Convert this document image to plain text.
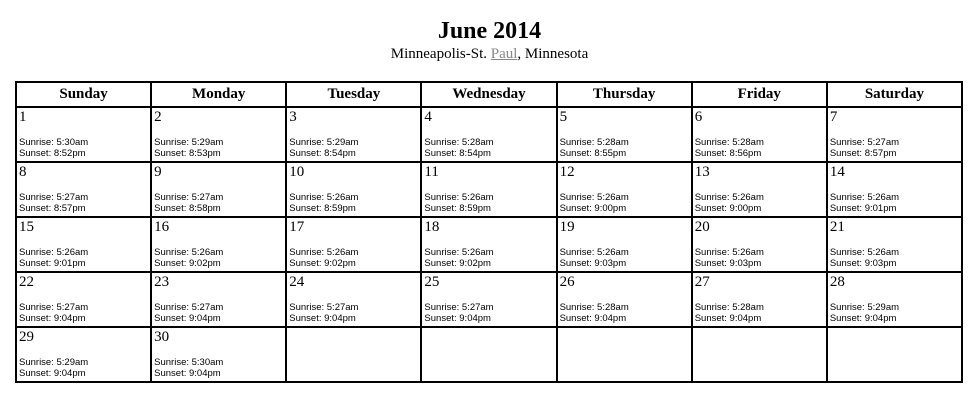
June 2014
Minneapolis-St. Paul, Minnesota
Sunday	Monday	Tuesday	Wednesday	Thursday	Friday	Saturday

1
Sunrise: 5:30am
Sunset: 8:52pm	2
Sunrise: 5:29am
Sunset: 8:53pm	3
Sunrise: 5:29am
Sunset: 8:54pm	4
Sunrise: 5:28am
Sunset: 8:54pm	5
Sunrise: 5:28am
Sunset: 8:55pm	6
Sunrise: 5:28am
Sunset: 8:56pm	7
Sunrise: 5:27am
Sunset: 8:57pm

8
Sunrise: 5:27am
Sunset: 8:57pm	9
Sunrise: 5:27am
Sunset: 8:58pm	10
Sunrise: 5:26am
Sunset: 8:59pm	11
Sunrise: 5:26am
Sunset: 8:59pm	12
Sunrise: 5:26am
Sunset: 9:00pm	13
Sunrise: 5:26am
Sunset: 9:00pm	14
Sunrise: 5:26am
Sunset: 9:01pm

15
Sunrise: 5:26am
Sunset: 9:01pm	16
Sunrise: 5:26am
Sunset: 9:02pm	17
Sunrise: 5:26am
Sunset: 9:02pm	18
Sunrise: 5:26am
Sunset: 9:02pm	19
Sunrise: 5:26am
Sunset: 9:03pm	20
Sunrise: 5:26am
Sunset: 9:03pm	21
Sunrise: 5:26am
Sunset: 9:03pm

22
Sunrise: 5:27am
Sunset: 9:04pm	23
Sunrise: 5:27am
Sunset: 9:04pm	24
Sunrise: 5:27am
Sunset: 9:04pm	25
Sunrise: 5:27am
Sunset: 9:04pm	26
Sunrise: 5:28am
Sunset: 9:04pm	27
Sunrise: 5:28am
Sunset: 9:04pm	28
Sunrise: 5:29am
Sunset: 9:04pm

29
Sunrise: 5:29am
Sunset: 9:04pm	30
Sunrise: 5:30am
Sunset: 9:04pm					
